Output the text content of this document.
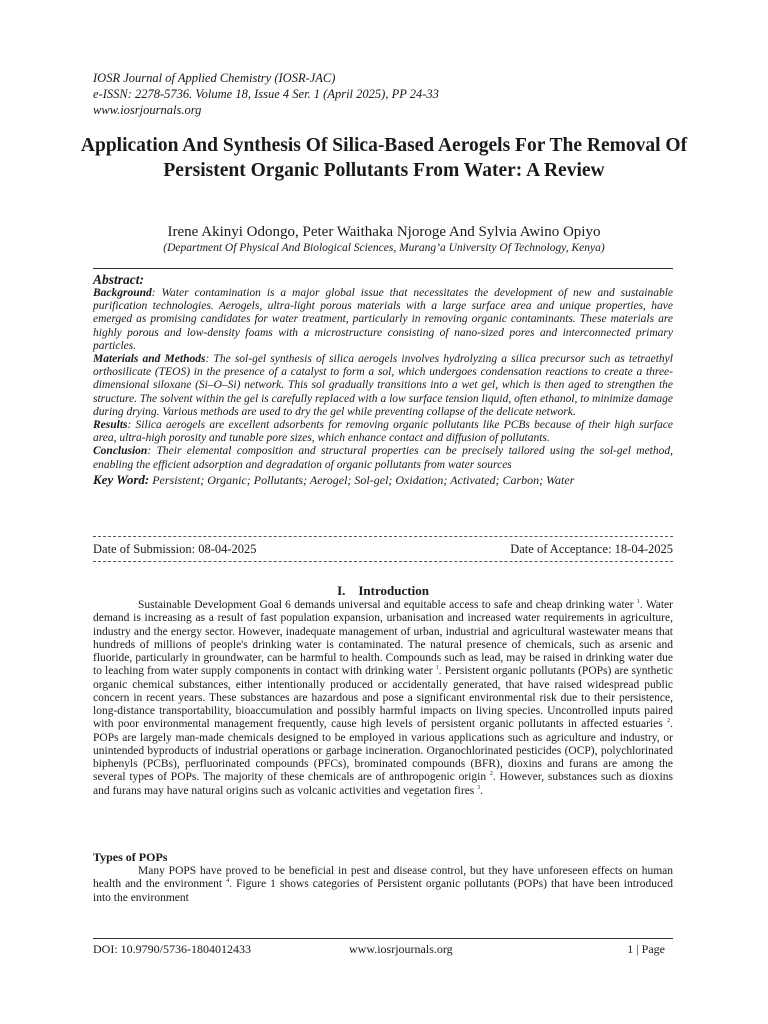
IOSR Journal of Applied Chemistry (IOSR-JAC)
e-ISSN: 2278-5736. Volume 18, Issue 4 Ser. 1 (April 2025), PP 24-33
www.iosrjournals.org
Application And Synthesis Of Silica-Based Aerogels For The Removal Of Persistent Organic Pollutants From Water: A Review
Irene Akinyi Odongo, Peter Waithaka Njoroge And Sylvia Awino Opiyo
(Department Of Physical And Biological Sciences, Murang’a University Of Technology, Kenya)
Abstract:

Background: Water contamination is a major global issue that necessitates the development of new and sustainable purification technologies. Aerogels, ultra-light porous materials with a large surface area and unique properties, have emerged as promising candidates for water treatment, particularly in removing organic contaminants. These materials are highly porous and low-density foams with a microstructure consisting of nano-sized pores and interconnected primary particles.

Materials and Methods: The sol-gel synthesis of silica aerogels involves hydrolyzing a silica precursor such as tetraethyl orthosilicate (TEOS) in the presence of a catalyst to form a sol, which undergoes condensation reactions to create a three-dimensional siloxane (Si–O–Si) network. This sol gradually transitions into a wet gel, which is then aged to strengthen the structure. The solvent within the gel is carefully replaced with a low surface tension liquid, often ethanol, to minimize damage during drying. Various methods are used to dry the gel while preventing collapse of the delicate network.

Results: Silica aerogels are excellent adsorbents for removing organic pollutants like PCBs because of their high surface area, ultra-high porosity and tunable pore sizes, which enhance contact and diffusion of pollutants.

Conclusion: Their elemental composition and structural properties can be precisely tailored using the sol-gel method, enabling the efficient adsorption and degradation of organic pollutants from water sources

Key Word: Persistent; Organic; Pollutants; Aerogel; Sol-gel; Oxidation; Activated; Carbon; Water
Date of Submission: 08-04-2025	Date of Acceptance: 18-04-2025
I.    Introduction

Sustainable Development Goal 6 demands universal and equitable access to safe and cheap drinking water $^1$. Water demand is increasing as a result of fast population expansion, urbanisation and increased water requirements in agriculture, industry and the energy sector. However, inadequate management of urban, industrial and agricultural wastewater means that hundreds of millions of people's drinking water is contaminated. The natural presence of chemicals, such as arsenic and fluoride, particularly in groundwater, can be harmful to health. Compounds such as lead, may be raised in drinking water due to leaching from water supply components in contact with drinking water $^1$. Persistent organic pollutants (POPs) are synthetic organic chemical substances, either intentionally produced or accidentally generated, that have raised widespread public concern in recent years. These substances are hazardous and pose a significant environmental risk due to their persistence, long-distance transportability, bioaccumulation and possibly harmful impacts on living species. Uncontrolled inputs paired with poor environmental management frequently, cause high levels of persistent organic pollutants in affected estuaries $^2$. POPs are largely man-made chemicals designed to be employed in various applications such as agriculture and industry, or unintended byproducts of industrial operations or garbage incineration. Organochlorinated pesticides (OCP), polychlorinated biphenyls (PCBs), perfluorinated compounds (PFCs), brominated compounds (BFR), dioxins and furans are among the several types of POPs. The majority of these chemicals are of anthropogenic origin $^2$. However, substances such as dioxins and furans may have natural origins such as volcanic activities and vegetation fires $^3$.

Types of POPs

Many POPS have proved to be beneficial in pest and disease control, but they have unforeseen effects on human health and the environment $^4$. Figure 1 shows categories of Persistent organic pollutants (POPs) that have been introduced into the environment

DOI: 10.9790/5736-1804012433	www.iosrjournals.org	1 | Page
